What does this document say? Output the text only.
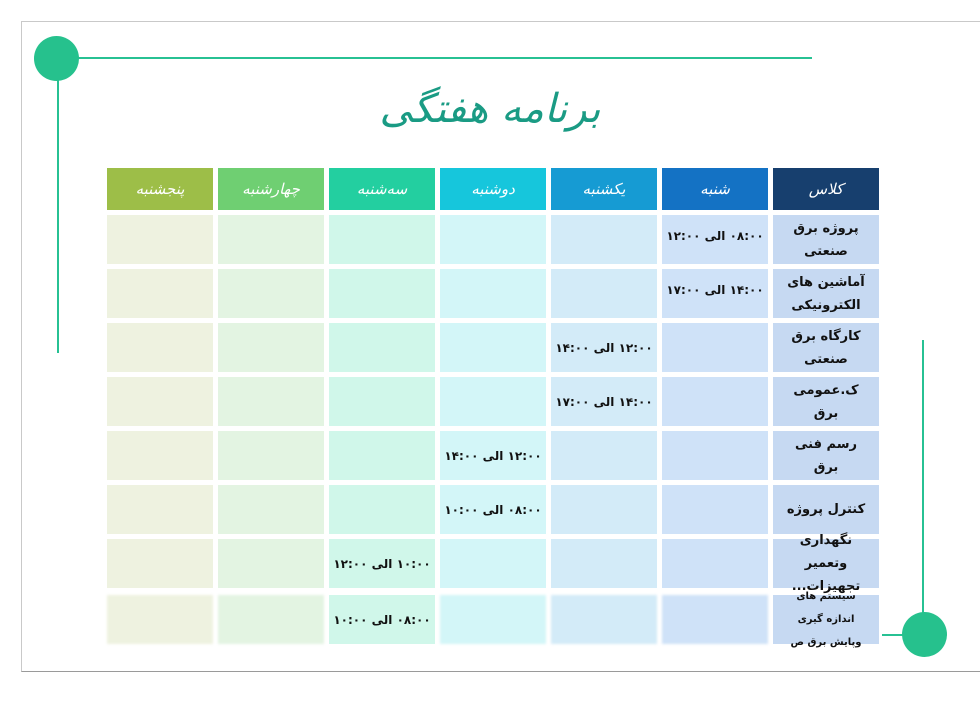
برنامه هفتگی
کلاس
شنبه
یکشنبه
دوشنبه
سه‌شنبه
چهارشنبه
پنجشنبه
پروژه برق صنعتی
۰۸:۰۰ الی ۱۲:۰۰
آماشین های الکترونیکی
۱۴:۰۰ الی ۱۷:۰۰
کارگاه برق صنعتی
۱۲:۰۰ الی ۱۴:۰۰
ک.عمومی برق
۱۴:۰۰ الی ۱۷:۰۰
رسم فنی برق
۱۲:۰۰ الی ۱۴:۰۰
کنترل پروژه
۰۸:۰۰ الی ۱۰:۰۰
نگهداری وتعمیر تجهیزات...
۱۰:۰۰ الی ۱۲:۰۰
سیستم های اندازه گیری وپایش برق ص
۰۸:۰۰ الی ۱۰:۰۰
